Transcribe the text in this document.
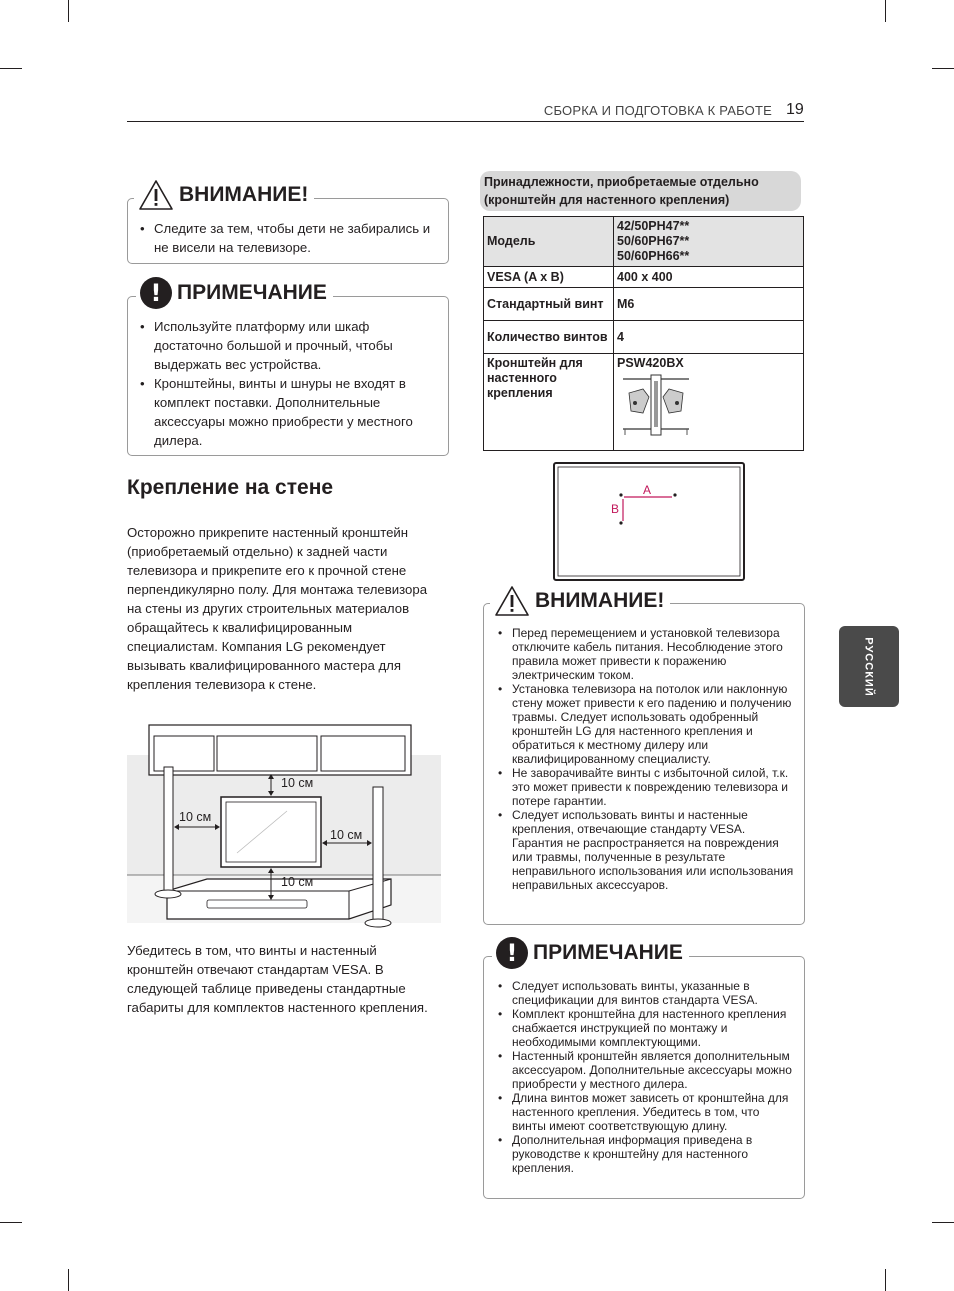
СБОРКА И ПОДГОТОВКА К РАБОТЕ 19
• Следите за тем, чтобы дети не забирались и не висели на телевизоре.
ВНИМАНИЕ!
• Используйте платформу или шкаф достаточно большой и прочный, чтобы выдержать вес устройства.
• Кронштейны, винты и шнуры не входят в комплект поставки. Дополнительные аксессуары можно приобрести у местного дилера.
! ПРИМЕЧАНИЕ
Крепление на стене
Осторожно прикрепите настенный кронштейн (приобретаемый отдельно) к задней части телевизора и прикрепите его к прочной стене перпендикулярно полу. Для монтажа телевизора на стены из других строительных материалов обращайтесь к квалифицированным специалистам. Компания LG рекомендует вызывать квалифицированного мастера для крепления телевизора к стене.
10 см
10 см
10 см
10 см
Убедитесь в том, что винты и настенный кронштейн отвечают стандартам VESA. В следующей таблице приведены стандартные габариты для комплектов настенного крепления.
Принадлежности, приобретаемые отдельно (кронштейн для настенного крепления)
Модель	42/50PH47**
50/60PH67**
50/60PH66**
VESA (A x B)	400 x 400
Стандартный винт	M6
Количество винтов	4
Кронштейн для настенного крепления	PSW420BX
A
B
• Перед перемещением и установкой телевизора отключите кабель питания. Несоблюдение этого правила может привести к поражению электрическим током.
• Установка телевизора на потолок или наклонную стену может привести к его падению и получению травмы. Следует использовать одобренный кронштейн LG для настенного крепления и обратиться к местному дилеру или квалифицированному специалисту.
• Не заворачивайте винты с избыточной силой, т.к. это может привести к повреждению телевизора и потере гарантии.
• Следует использовать винты и настенные крепления, отвечающие стандарту VESA. Гарантия не распространяется на повреждения или травмы, полученные в результате неправильного использования или использования неправильных аксессуаров.
ВНИМАНИЕ!
• Следует использовать винты, указанные в спецификации для винтов стандарта VESA.
• Комплект кронштейна для настенного крепления снабжается инструкцией по монтажу и необходимыми комплектующими.
• Настенный кронштейн является дополнительным аксессуаром. Дополнительные аксессуары можно приобрести у местного дилера.
• Длина винтов может зависеть от кронштейна для настенного крепления. Убедитесь в том, что винты имеют соответствующую длину.
• Дополнительная информация приведена в руководстве к кронштейну для настенного крепления.
! ПРИМЕЧАНИЕ
РУССКИЙ
